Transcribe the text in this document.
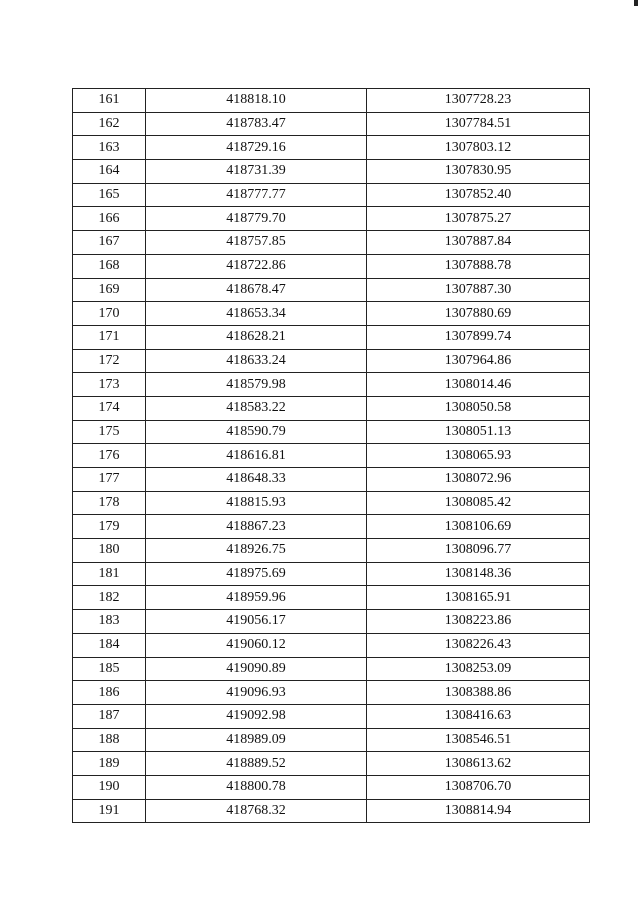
161	418818.10	1307728.23
162	418783.47	1307784.51
163	418729.16	1307803.12
164	418731.39	1307830.95
165	418777.77	1307852.40
166	418779.70	1307875.27
167	418757.85	1307887.84
168	418722.86	1307888.78
169	418678.47	1307887.30
170	418653.34	1307880.69
171	418628.21	1307899.74
172	418633.24	1307964.86
173	418579.98	1308014.46
174	418583.22	1308050.58
175	418590.79	1308051.13
176	418616.81	1308065.93
177	418648.33	1308072.96
178	418815.93	1308085.42
179	418867.23	1308106.69
180	418926.75	1308096.77
181	418975.69	1308148.36
182	418959.96	1308165.91
183	419056.17	1308223.86
184	419060.12	1308226.43
185	419090.89	1308253.09
186	419096.93	1308388.86
187	419092.98	1308416.63
188	418989.09	1308546.51
189	418889.52	1308613.62
190	418800.78	1308706.70
191	418768.32	1308814.94
